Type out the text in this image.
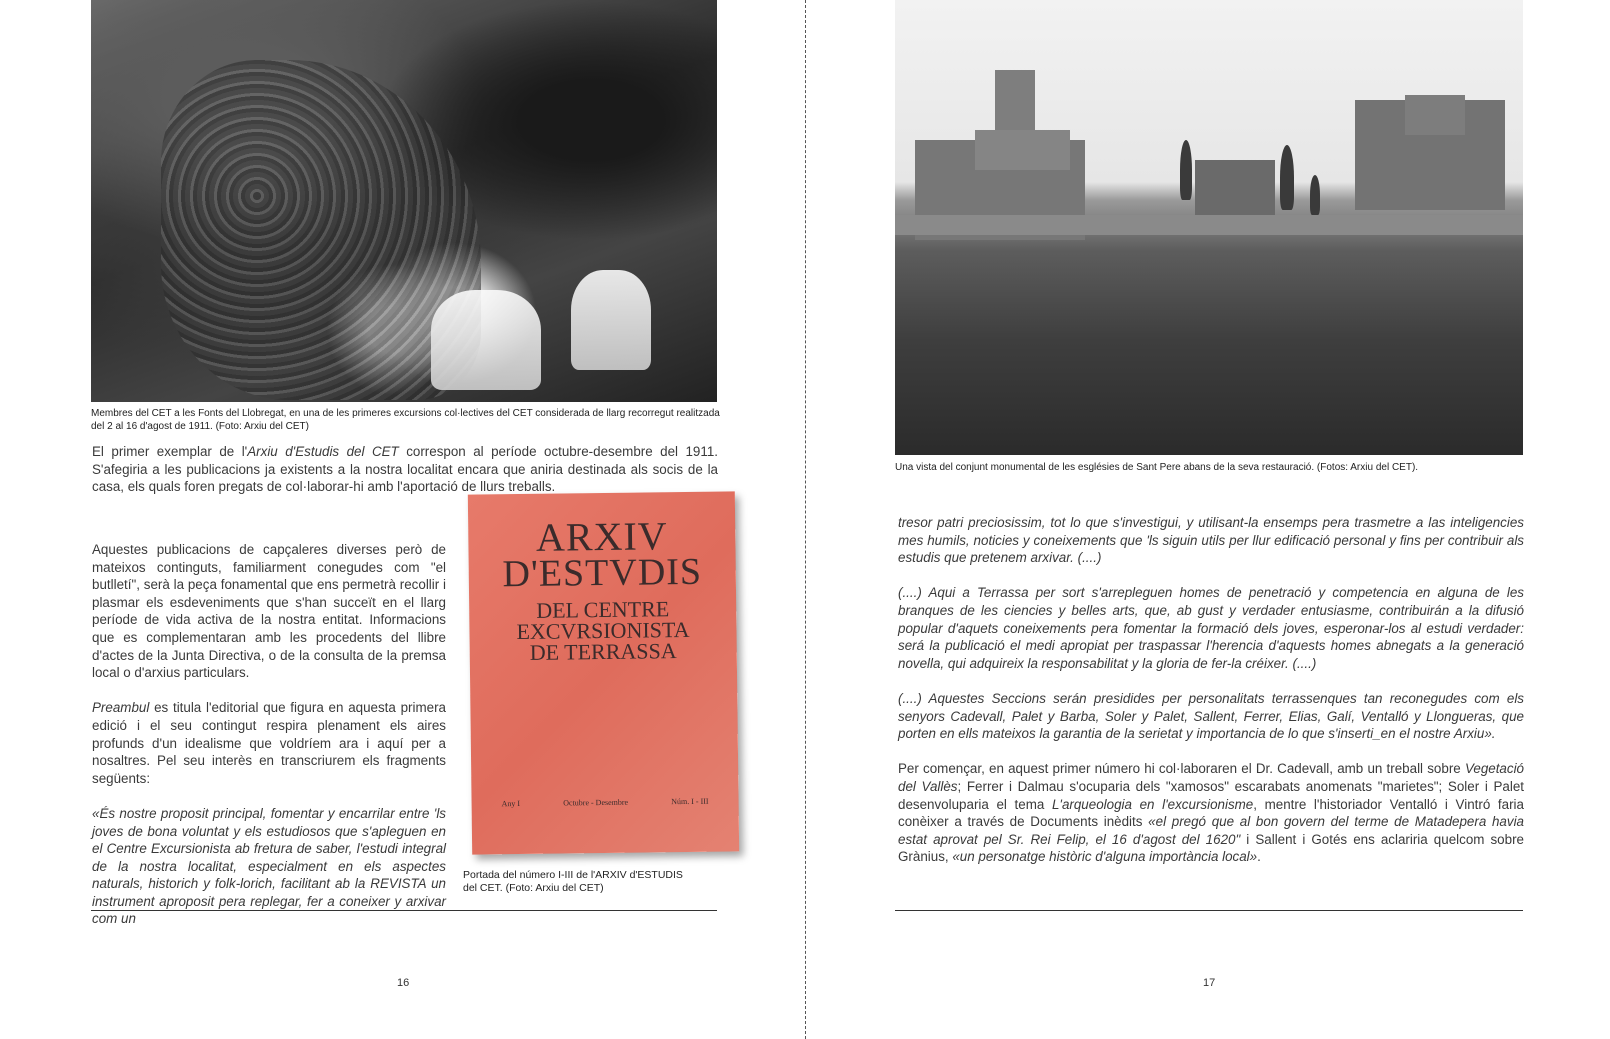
Membres del CET a les Fonts del Llobregat, en una de les primeres excursions col·lectives del CET considerada de llarg recorregut realitzada del 2 al 16 d'agost de 1911. (Foto: Arxiu del CET)
El primer exemplar de l'Arxiu d'Estudis del CET correspon al període octubre-desembre del 1911. S'afegiria a les publicacions ja existents a la nostra localitat encara que aniria destinada als socis de la casa, els quals foren pregats de col·laborar-hi amb l'aportació de llurs treballs.

Aquestes publicacions de capçaleres diverses però de mateixos continguts, familiarment conegudes com "el butlletí", serà la peça fonamental que ens permetrà recollir i plasmar els esdeveniments que s'han succeït en el llarg període de vida activa de la nostra entitat. Informacions que es complementaran amb les procedents del llibre d'actes de la Junta Directiva, o de la consulta de la premsa local o d'arxius particulars.

Preambul es titula l'editorial que figura en aquesta primera edició i el seu contingut respira plenament els aires profunds d'un idealisme que voldríem ara i aquí per a nosaltres. Pel seu interès en transcriurem els fragments següents:

«És nostre proposit principal, fomentar y encarrilar entre 'ls joves de bona voluntat y els estudiosos que s'apleguen en el Centre Excursionista ab fretura de saber, l'estudi integral de la nostra localitat, especialment en els aspectes naturals, historich y folk-lorich, facilitant ab la REVISTA un instrument aproposit pera replegar, fer a coneixer y arxivar com un

ARXIV
D'ESTVDIS
DEL CENTRE
EXCVRSIONISTA
DE TERRASSA
Any I	Octubre - Desembre	Núm. I - III
Portada del número I-III de l'ARXIV d'ESTUDIS del CET. (Foto: Arxiu del CET)
16
Una vista del conjunt monumental de les esglésies de Sant Pere abans de la seva restauració. (Fotos: Arxiu del CET).

tresor patri preciosissim, tot lo que s'investigui, y utilisant-la ensemps pera trasmetre a las inteligencies mes humils, noticies y coneixements que 'ls siguin utils per llur edificació personal y fins per contribuir als estudis que pretenem arxivar. (....)

(....) Aqui a Terrassa per sort s'arrepleguen homes de penetració y competencia en alguna de les branques de les ciencies y belles arts, que, ab gust y verdader entusiasme, contribuirán a la difusió popular d'aquets coneixements pera fomentar la formació dels joves, esperonar-los al estudi verdader: será la publicació el medi apropiat per traspassar l'herencia d'aquests homes abnegats a la generació novella, qui adquireix la responsabilitat y la gloria de fer-la créixer. (....)

(....) Aquestes Seccions serán presidides per personalitats terrassenques tan reconegudes com els senyors Cadevall, Palet y Barba, Soler y Palet, Sallent, Ferrer, Elias, Galí, Ventalló y Llongueras, que porten en ells mateixos la garantia de la serietat y importancia de lo que s'inserti_en el nostre Arxiu».

Per començar, en aquest primer número hi col·laboraren el Dr. Cadevall, amb un treball sobre Vegetació del Vallès; Ferrer i Dalmau s'ocuparia dels "xamosos" escarabats anomenats "marietes"; Soler i Palet desenvoluparia el tema L'arqueologia en l'excursionisme, mentre l'historiador Ventalló i Vintró faria conèixer a través de Documents inèdits «el pregó que al bon govern del terme de Matadepera havia estat aprovat pel Sr. Rei Felip, el 16 d'agost del 1620" i Sallent i Gotés ens aclariria quelcom sobre Grànius, «un personatge històric d'alguna importància local».

17
